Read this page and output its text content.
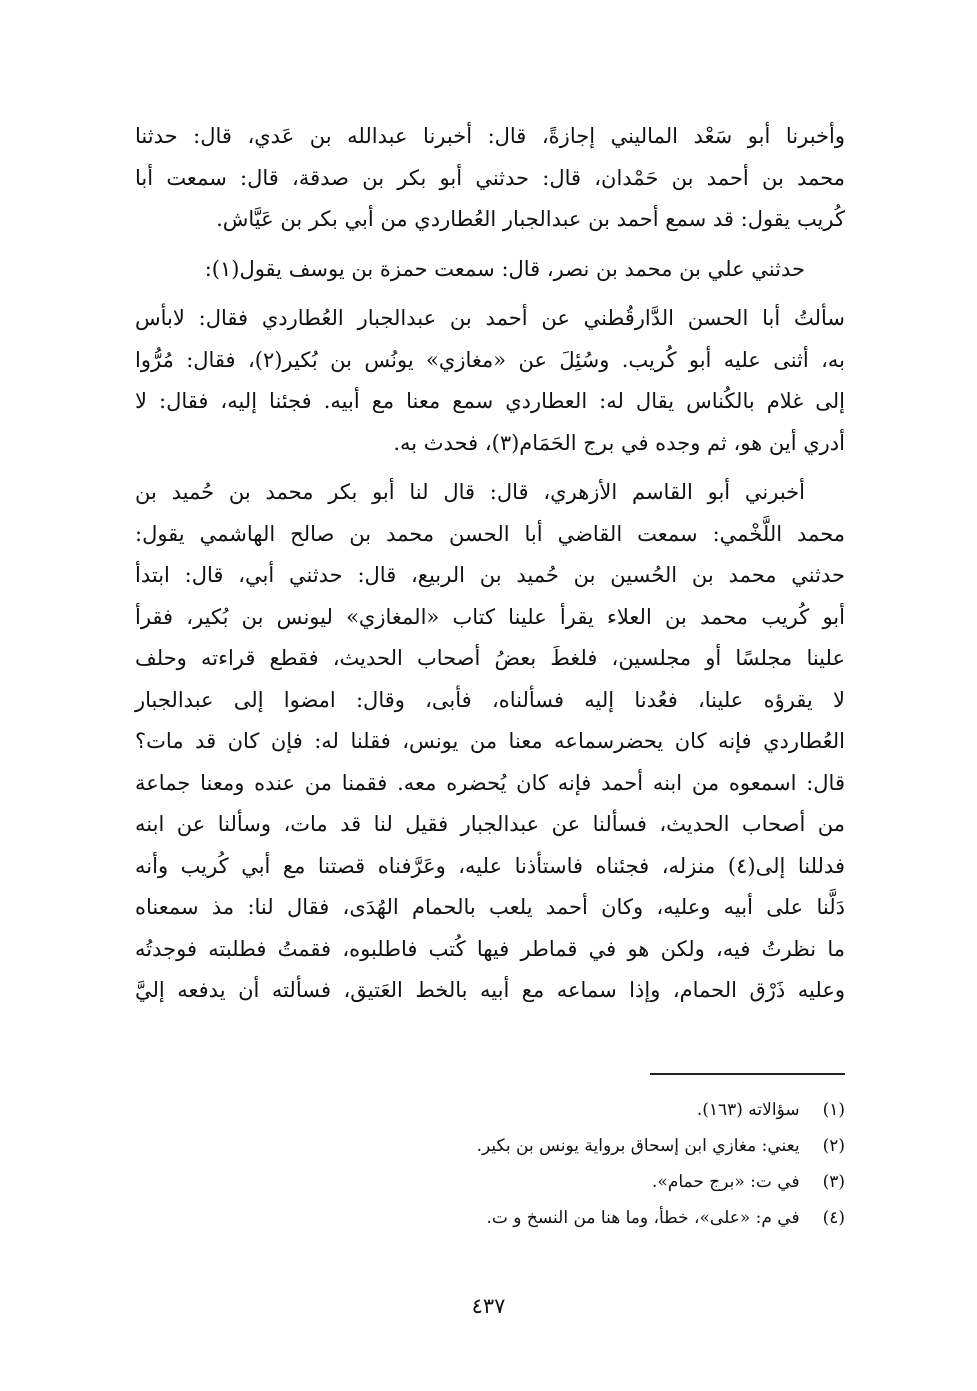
وأخبرنا أبو سَعْد الماليني إجازةً، قال: أخبرنا عبدالله بن عَدي، قال: حدثنا
محمد بن أحمد بن حَمْدان، قال: حدثني أبو بكر بن صدقة، قال: سمعت أبا
كُريب يقول: قد سمع أحمد بن عبدالجبار العُطاردي من أبي بكر بن عَيَّاش.
حدثني علي بن محمد بن نصر، قال: سمعت حمزة بن يوسف يقول(١):
سألتُ أبا الحسن الدَّارقُطني عن أحمد بن عبدالجبار العُطاردي فقال: لابأس
به، أثنى عليه أبو كُريب. وسُئِلَ عن «مغازي» يونُس بن بُكير(٢)، فقال: مُرُّوا
إلى غلام بالكُناس يقال له: العطاردي سمع معنا مع أبيه. فجئنا إليه، فقال: لا
أدري أين هو، ثم وجده في برج الحَمَام(٣)، فحدث به.
أخبرني أبو القاسم الأزهري، قال: قال لنا أبو بكر محمد بن حُميد بن
محمد اللَّخْمي: سمعت القاضي أبا الحسن محمد بن صالح الهاشمي يقول:
حدثني محمد بن الحُسين بن حُميد بن الربيع، قال: حدثني أبي، قال: ابتدأ
أبو كُريب محمد بن العلاء يقرأ علينا كتاب «المغازي» ليونس بن بُكير، فقرأ
علينا مجلسًا أو مجلسين، فلغطَ بعضُ أصحاب الحديث، فقطع قراءته وحلف
لا يقرؤه علينا، فعُدنا إليه فسألناه، فأبى، وقال: امضوا إلى عبدالجبار
العُطاردي فإنه كان يحضرسماعه معنا من يونس، فقلنا له: فإن كان قد مات؟
قال: اسمعوه من ابنه أحمد فإنه كان يُحضره معه. فقمنا من عنده ومعنا جماعة
من أصحاب الحديث، فسألنا عن عبدالجبار فقيل لنا قد مات، وسألنا عن ابنه
فدللنا إلى(٤) منزله، فجئناه فاستأذنا عليه، وعَرَّفناه قصتنا مع أبي كُريب وأنه
دَلَّنا على أبيه وعليه، وكان أحمد يلعب بالحمام الهُدَى، فقال لنا: مذ سمعناه
ما نظرتُ فيه، ولكن هو في قماطر فيها كُتب فاطلبوه، فقمتُ فطلبته فوجدتُه
وعليه ذَرْق الحمام، وإذا سماعه مع أبيه بالخط العَتيق، فسألته أن يدفعه إليَّ
(١) سؤالاته (١٦٣).
(٢) يعني: مغازي ابن إسحاق برواية يونس بن بكير.
(٣) في ت: «برج حمام».
(٤) في م: «على»، خطأ، وما هنا من النسخ و ت.
٤٣٧
